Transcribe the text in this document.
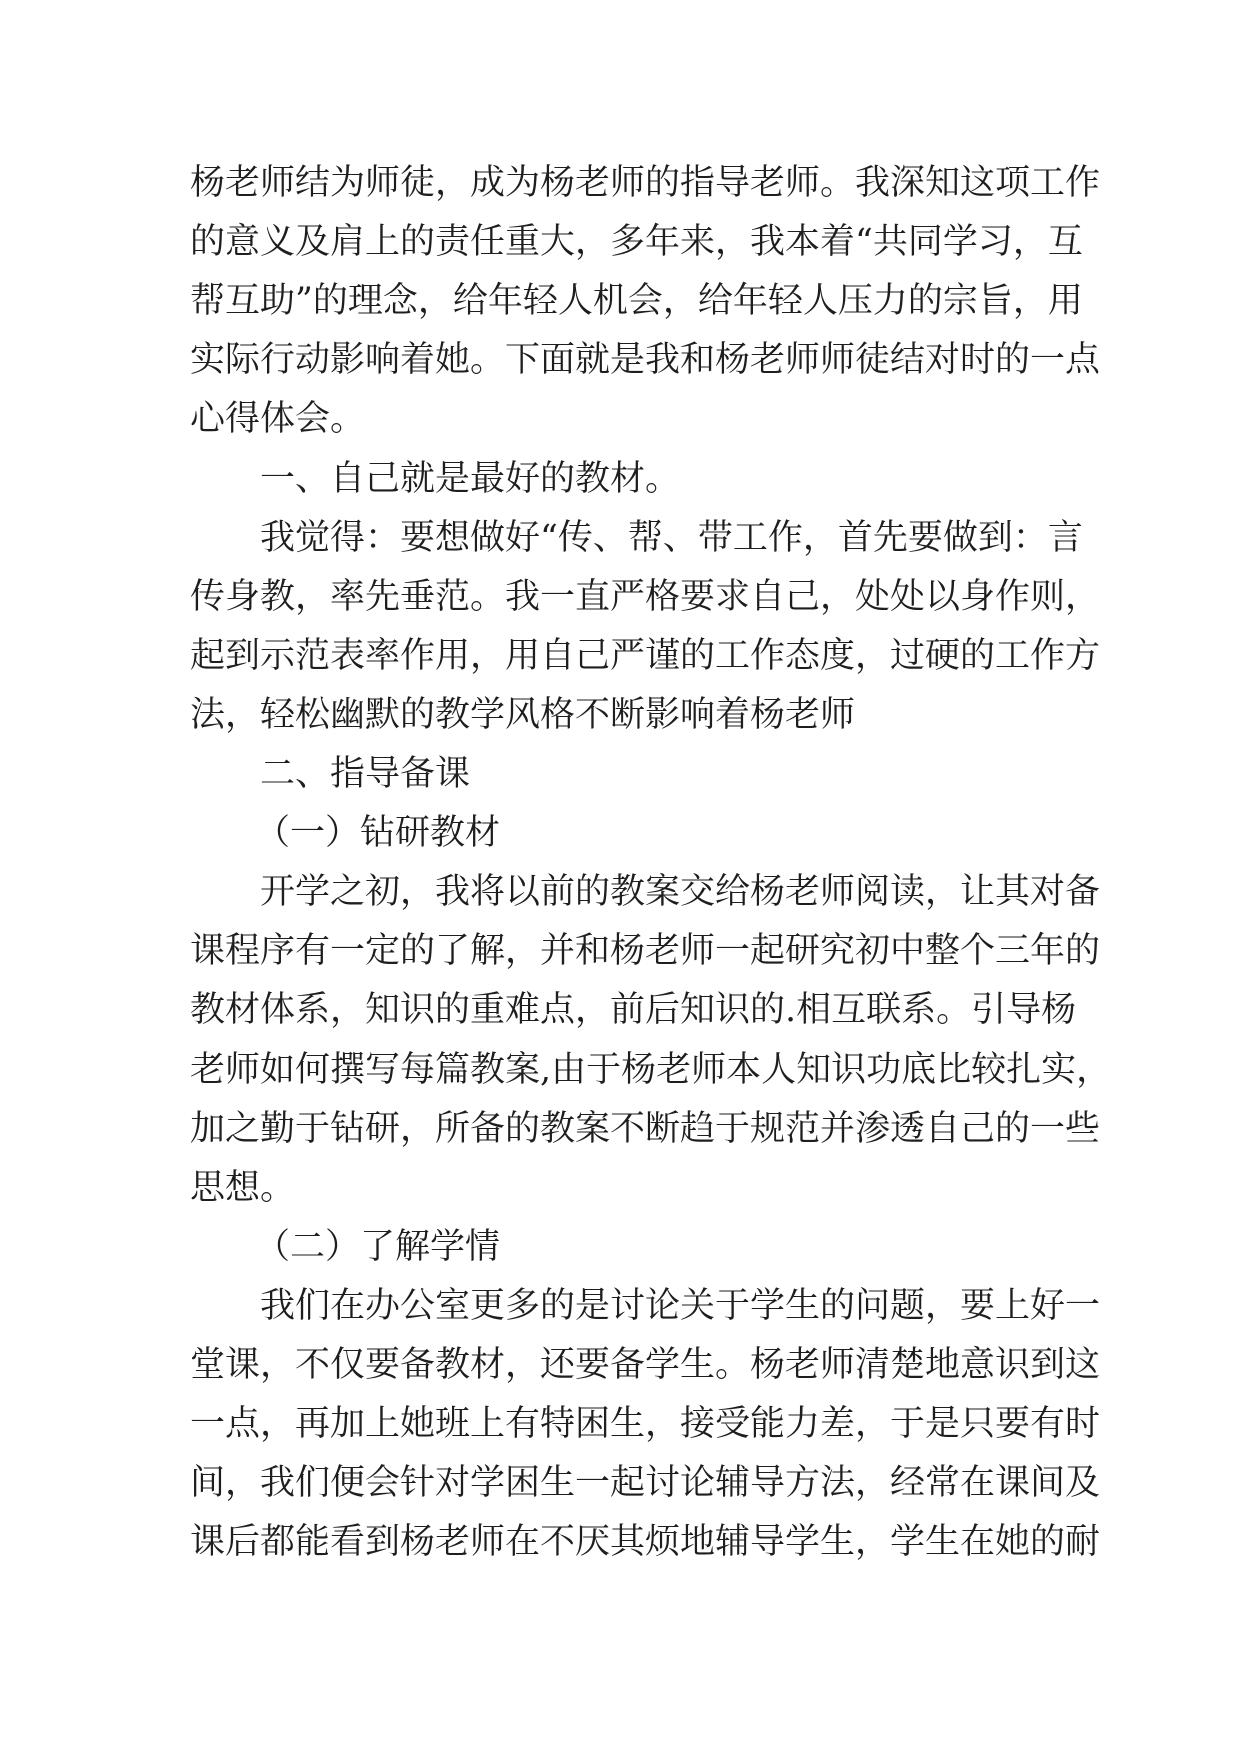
杨老师结为师徒，成为杨老师的指导老师。我深知这项工作
的意义及肩上的责任重大，多年来，我本着“共同学习，互
帮互助”的理念，给年轻人机会，给年轻人压力的宗旨，用
实际行动影响着她。下面就是我和杨老师师徒结对时的一点
心得体会。
一、自己就是最好的教材。
我觉得：要想做好“传、帮、带工作，首先要做到：言
传身教，率先垂范。我一直严格要求自己，处处以身作则，
起到示范表率作用，用自己严谨的工作态度，过硬的工作方
法，轻松幽默的教学风格不断影响着杨老师
二、指导备课
（一）钻研教材
开学之初，我将以前的教案交给杨老师阅读，让其对备
课程序有一定的了解，并和杨老师一起研究初中整个三年的
教材体系，知识的重难点，前后知识的.相互联系。引导杨
老师如何撰写每篇教案,由于杨老师本人知识功底比较扎实，
加之勤于钻研，所备的教案不断趋于规范并渗透自己的一些
思想。
（二）了解学情
我们在办公室更多的是讨论关于学生的问题，要上好一
堂课，不仅要备教材，还要备学生。杨老师清楚地意识到这
一点，再加上她班上有特困生，接受能力差，于是只要有时
间，我们便会针对学困生一起讨论辅导方法，经常在课间及
课后都能看到杨老师在不厌其烦地辅导学生，学生在她的耐
